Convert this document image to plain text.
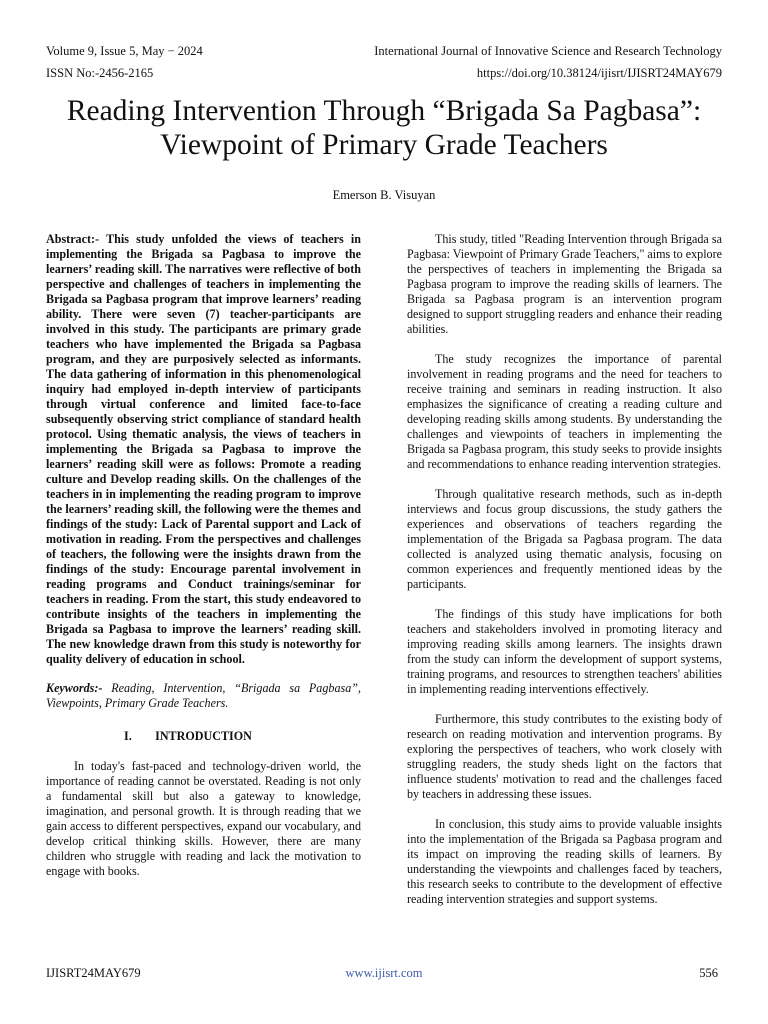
Volume 9, Issue 5, May − 2024	International Journal of Innovative Science and Research Technology
ISSN No:-2456-2165	https://doi.org/10.38124/ijisrt/IJISRT24MAY679
Reading Intervention Through “Brigada Sa Pagbasa”: Viewpoint of Primary Grade Teachers
Emerson B. Visuyan

Abstract:- This study unfolded the views of teachers in implementing the Brigada sa Pagbasa to improve the learners’ reading skill. The narratives were reflective of both perspective and challenges of teachers in implementing the Brigada sa Pagbasa program that improve learners’ reading ability. There were seven (7) teacher-participants are involved in this study. The participants are primary grade teachers who have implemented the Brigada sa Pagbasa program, and they are purposively selected as informants. The data gathering of information in this phenomenological inquiry had employed in-depth interview of participants through virtual conference and limited face-to-face subsequently observing strict compliance of standard health protocol. Using thematic analysis, the views of teachers in implementing the Brigada sa Pagbasa to improve the learners’ reading skill were as follows: Promote a reading culture and Develop reading skills. On the challenges of the teachers in in implementing the reading program to improve the learners’ reading skill, the following were the themes and findings of the study: Lack of Parental support and Lack of motivation in reading. From the perspectives and challenges of teachers, the following were the insights drawn from the findings of the study: Encourage parental involvement in reading programs and Conduct trainings/seminar for teachers in reading. From the start, this study endeavored to contribute insights of the teachers in implementing the Brigada sa Pagbasa to improve the learners’ reading skill. The new knowledge drawn from this study is noteworthy for quality delivery of education in school.

Keywords:- Reading, Intervention, “Brigada sa Pagbasa”, Viewpoints, Primary Grade Teachers.

I. INTRODUCTION

In today's fast-paced and technology-driven world, the importance of reading cannot be overstated. Reading is not only a fundamental skill but also a gateway to knowledge, imagination, and personal growth. It is through reading that we gain access to different perspectives, expand our vocabulary, and develop critical thinking skills. However, there are many children who struggle with reading and lack the motivation to engage with books.

This study, titled "Reading Intervention through Brigada sa Pagbasa: Viewpoint of Primary Grade Teachers," aims to explore the perspectives of teachers in implementing the Brigada sa Pagbasa program to improve the reading skills of learners. The Brigada sa Pagbasa program is an intervention program designed to support struggling readers and enhance their reading abilities.

The study recognizes the importance of parental involvement in reading programs and the need for teachers to receive training and seminars in reading instruction. It also emphasizes the significance of creating a reading culture and developing reading skills among students. By understanding the challenges and viewpoints of teachers in implementing the Brigada sa Pagbasa program, this study seeks to provide insights and recommendations to enhance reading intervention strategies.

Through qualitative research methods, such as in-depth interviews and focus group discussions, the study gathers the experiences and observations of teachers regarding the implementation of the Brigada sa Pagbasa program. The data collected is analyzed using thematic analysis, focusing on common experiences and frequently mentioned ideas by the participants.

The findings of this study have implications for both teachers and stakeholders involved in promoting literacy and improving reading skills among learners. The insights drawn from the study can inform the development of support systems, training programs, and resources to strengthen teachers' abilities in implementing reading interventions effectively.

Furthermore, this study contributes to the existing body of research on reading motivation and intervention programs. By exploring the perspectives of teachers, who work closely with struggling readers, the study sheds light on the factors that influence students' motivation to read and the challenges faced by teachers in addressing these issues.

In conclusion, this study aims to provide valuable insights into the implementation of the Brigada sa Pagbasa program and its impact on improving the reading skills of learners. By understanding the viewpoints and challenges faced by teachers, this research seeks to contribute to the development of effective reading intervention strategies and support systems.

IJISRT24MAY679	www.ijisrt.com	556
